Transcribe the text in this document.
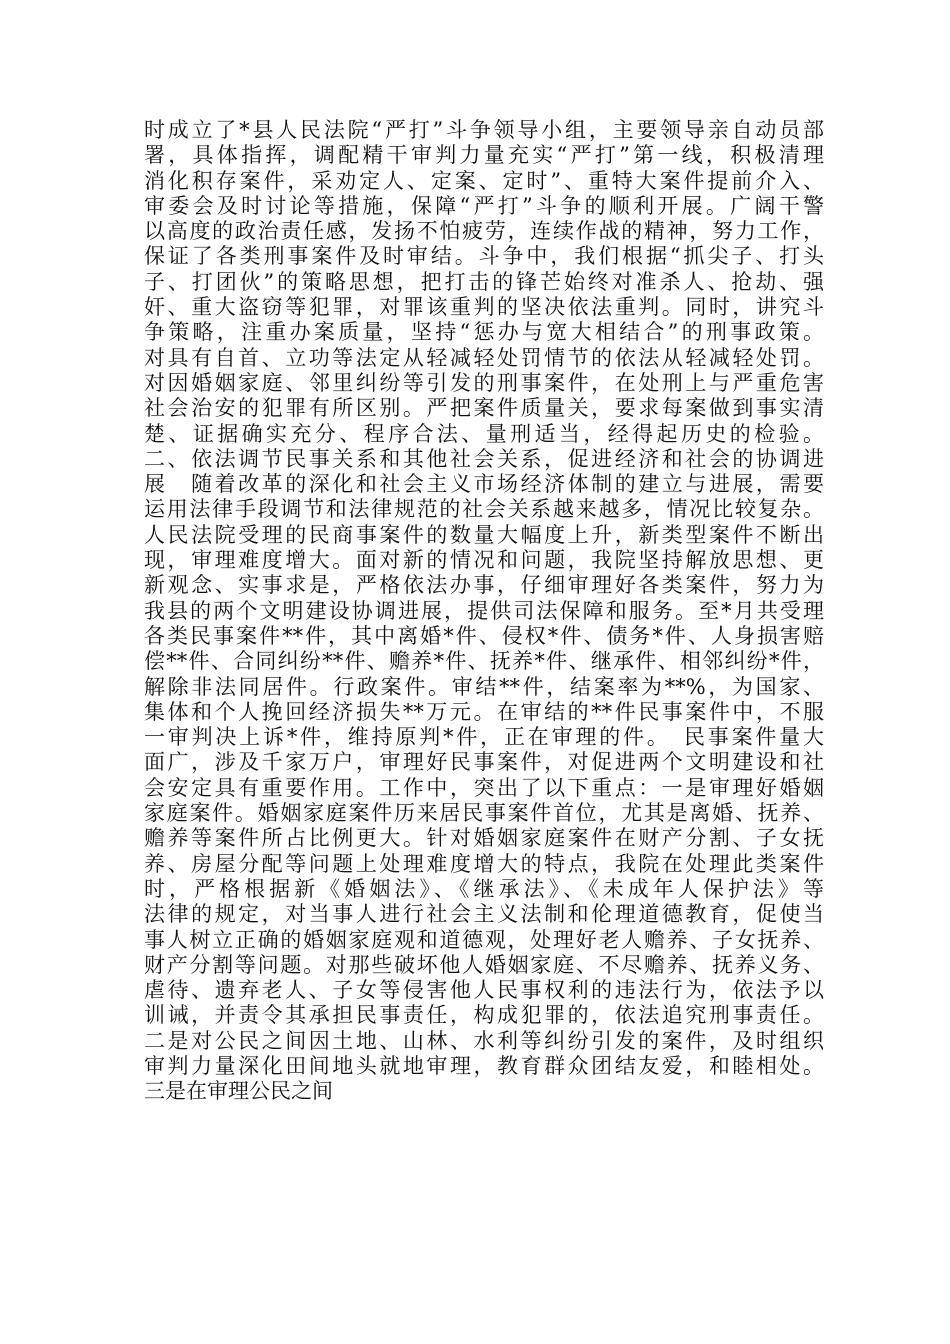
时成立了*县人民法院“严打”斗争领导小组，主要领导亲自动员部
署，具体指挥，调配精干审判力量充实“严打”第一线，积极清理
消化积存案件，采劝定人、定案、定时”、重特大案件提前介入、
审委会及时讨论等措施，保障“严打”斗争的顺利开展。广阔干警
以高度的政治责任感，发扬不怕疲劳，连续作战的精神，努力工作，
保证了各类刑事案件及时审结。斗争中，我们根据“抓尖子、打头
子、打团伙”的策略思想，把打击的锋芒始终对准杀人、抢劫、强
奸、重大盗窃等犯罪，对罪该重判的坚决依法重判。同时，讲究斗
争策略，注重办案质量，坚持“惩办与宽大相结合”的刑事政策。
对具有自首、立功等法定从轻减轻处罚情节的依法从轻减轻处罚。
对因婚姻家庭、邻里纠纷等引发的刑事案件，在处刑上与严重危害
社会治安的犯罪有所区别。严把案件质量关，要求每案做到事实清
楚、证据确实充分、程序合法、量刑适当，经得起历史的检验。
二、依法调节民事关系和其他社会关系，促进经济和社会的协调进
展　随着改革的深化和社会主义市场经济体制的建立与进展，需要
运用法律手段调节和法律规范的社会关系越来越多，情况比较复杂。
人民法院受理的民商事案件的数量大幅度上升，新类型案件不断出
现，审理难度增大。面对新的情况和问题，我院坚持解放思想、更
新观念、实事求是，严格依法办事，仔细审理好各类案件，努力为
我县的两个文明建设协调进展，提供司法保障和服务。至*月共受理
各类民事案件**件，其中离婚*件、侵权*件、债务*件、人身损害赔
偿**件、合同纠纷**件、赡养*件、抚养*件、继承件、相邻纠纷*件，
解除非法同居件。行政案件。审结**件，结案率为**%，为国家、
集体和个人挽回经济损失**万元。在审结的**件民事案件中，不服
一审判决上诉*件，维持原判*件，正在审理的件。　民事案件量大
面广，涉及千家万户，审理好民事案件，对促进两个文明建设和社
会安定具有重要作用。工作中，突出了以下重点：一是审理好婚姻
家庭案件。婚姻家庭案件历来居民事案件首位，尤其是离婚、抚养、
赡养等案件所占比例更大。针对婚姻家庭案件在财产分割、子女抚
养、房屋分配等问题上处理难度增大的特点，我院在处理此类案件
时，严格根据新《婚姻法》、《继承法》、《未成年人保护法》等
法律的规定，对当事人进行社会主义法制和伦理道德教育，促使当
事人树立正确的婚姻家庭观和道德观，处理好老人赡养、子女抚养、
财产分割等问题。对那些破坏他人婚姻家庭、不尽赡养、抚养义务、
虐待、遗弃老人、子女等侵害他人民事权利的违法行为，依法予以
训诫，并责令其承担民事责任，构成犯罪的，依法追究刑事责任。
二是对公民之间因土地、山林、水利等纠纷引发的案件，及时组织
审判力量深化田间地头就地审理，教育群众团结友爱，和睦相处。
三是在审理公民之间
